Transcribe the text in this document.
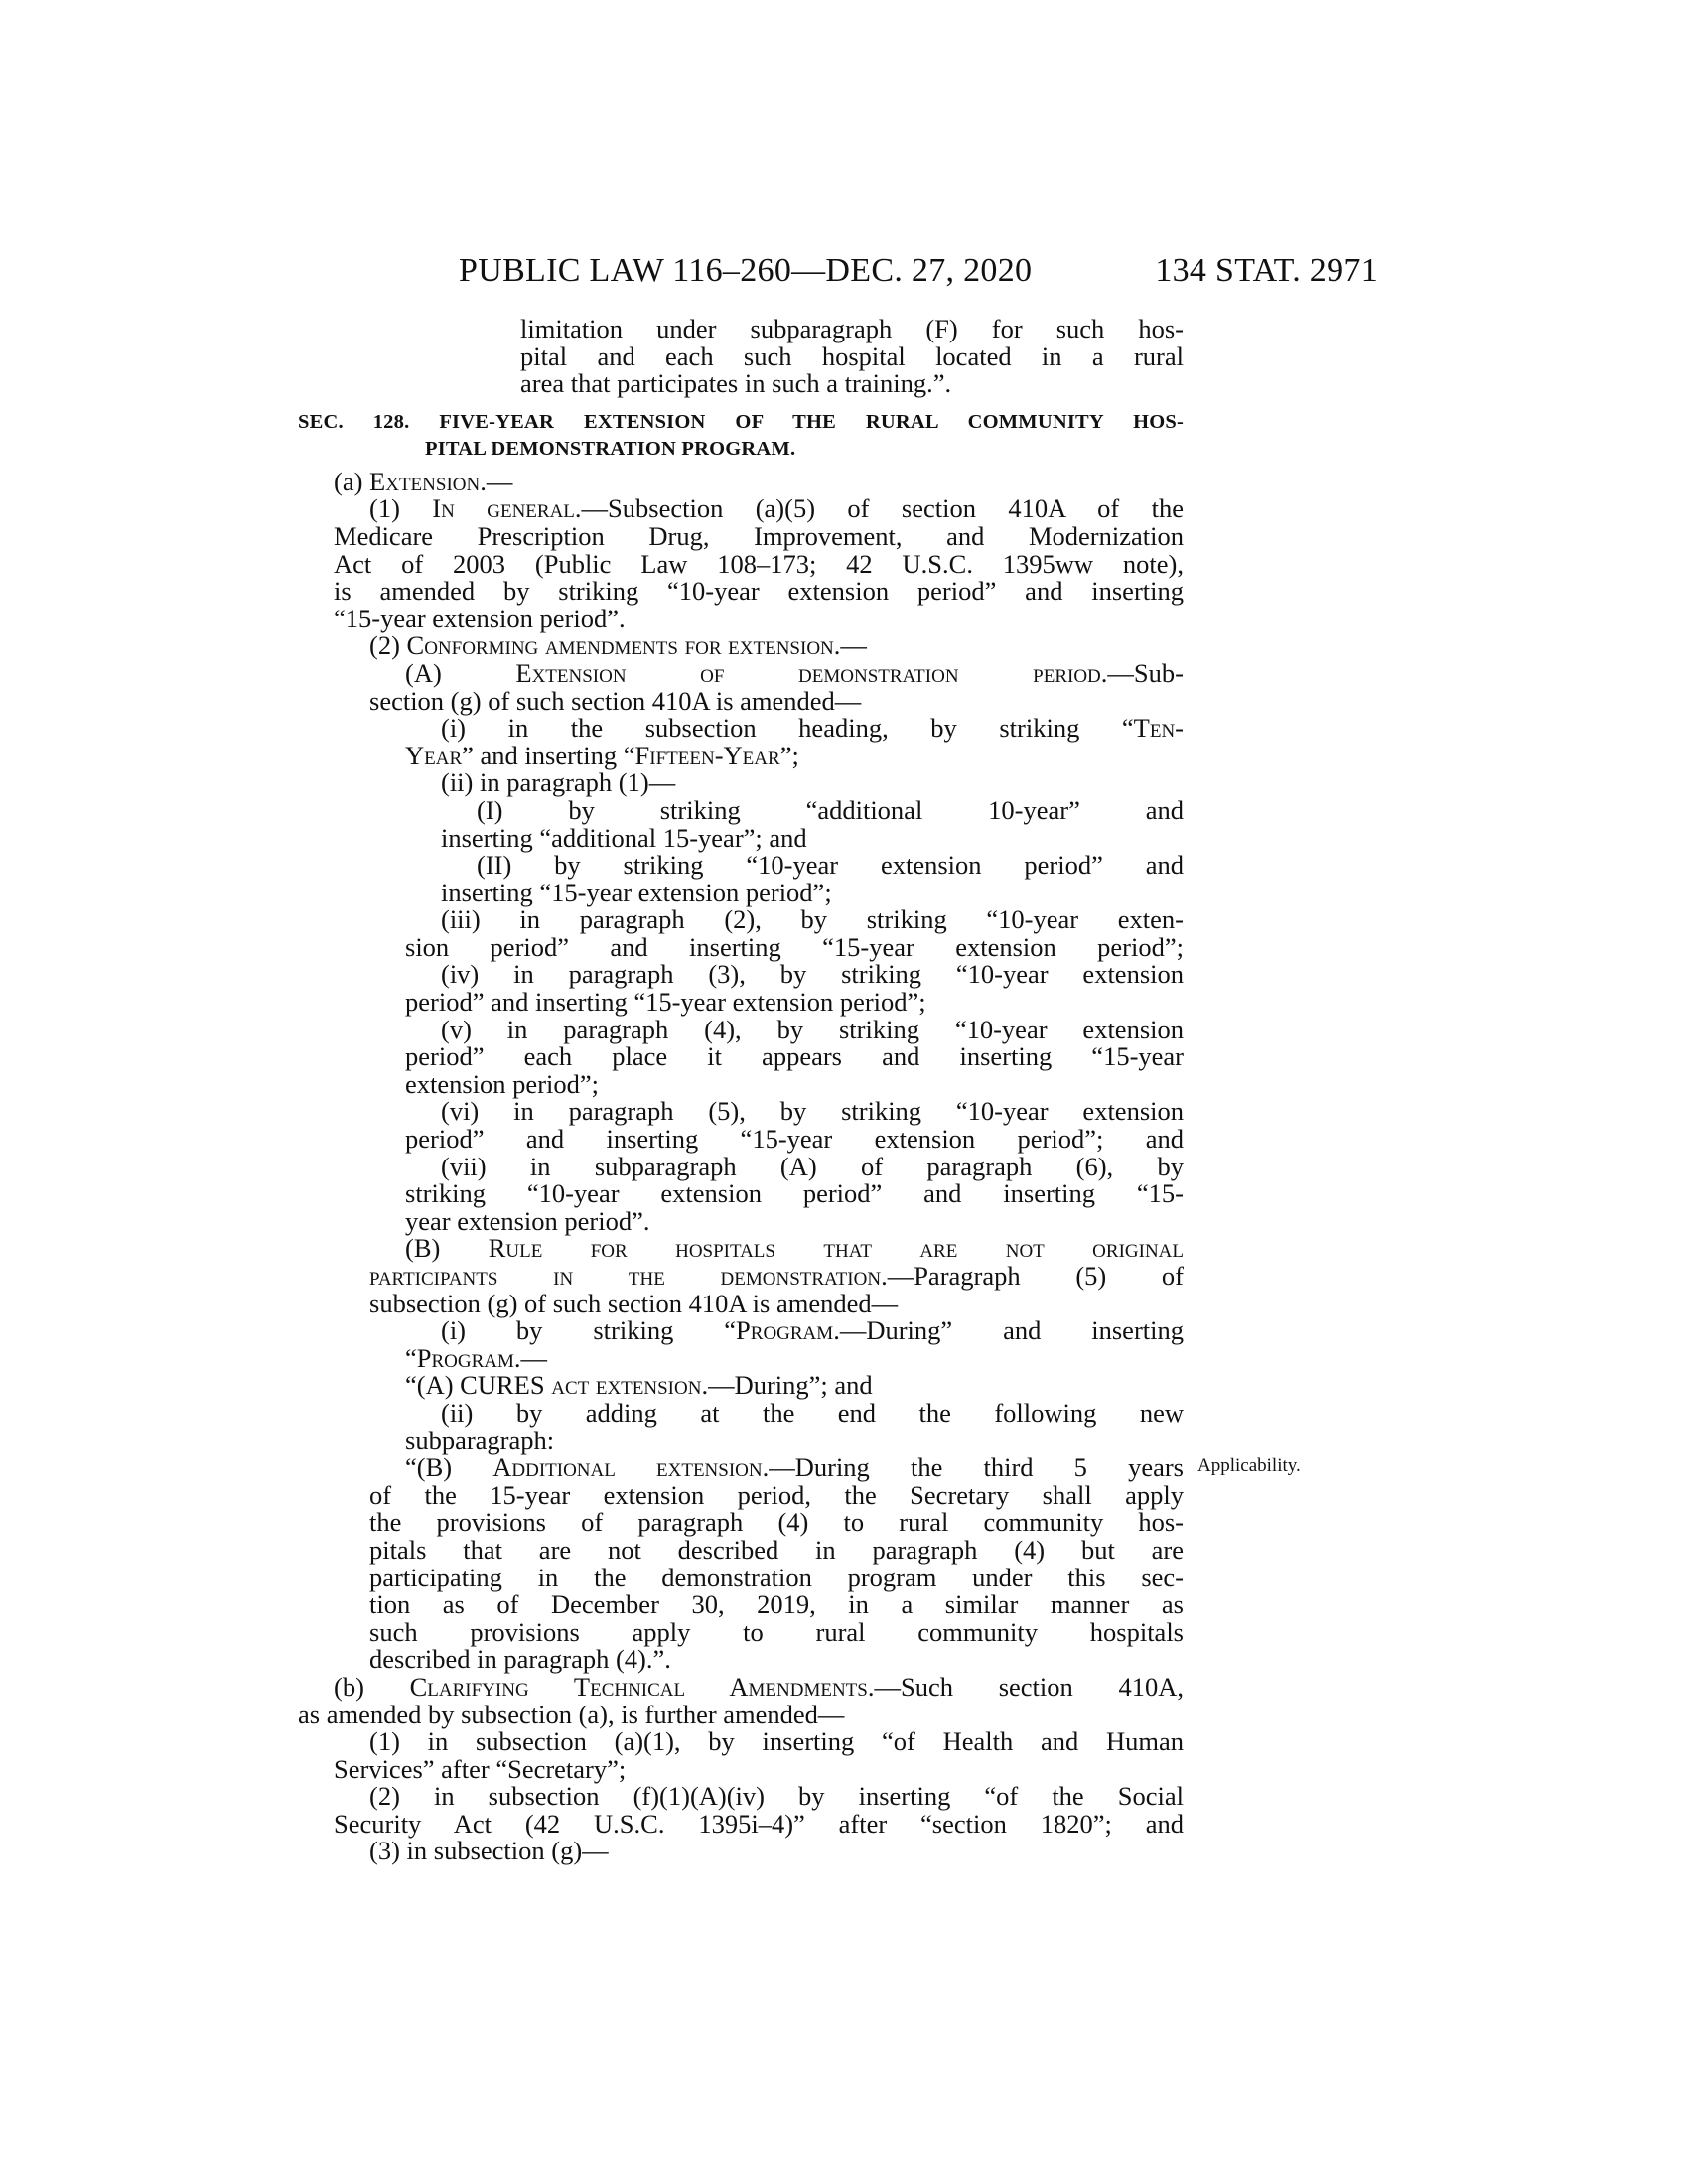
PUBLIC LAW 116–260—DEC. 27, 2020	134 STAT. 2971
Applicability.
limitation under subparagraph (F) for such hos-
pital and each such hospital located in a rural
area that participates in such a training.”.
SEC. 128. FIVE-YEAR EXTENSION OF THE RURAL COMMUNITY HOS-
PITAL DEMONSTRATION PROGRAM.
(a) Extension.—
(1) In general.—Subsection (a)(5) of section 410A of the
Medicare Prescription Drug, Improvement, and Modernization
Act of 2003 (Public Law 108–173; 42 U.S.C. 1395ww note),
is amended by striking “10-year extension period” and inserting
“15-year extension period”.
(2) Conforming amendments for extension.—
(A) Extension of demonstration period.—Sub-
section (g) of such section 410A is amended—
(i) in the subsection heading, by striking “Ten-
Year” and inserting “Fifteen-Year”;
(ii) in paragraph (1)—
(I) by striking “additional 10-year” and
inserting “additional 15-year”; and
(II) by striking “10-year extension period” and
inserting “15-year extension period”;
(iii) in paragraph (2), by striking “10-year exten-
sion period” and inserting “15-year extension period”;
(iv) in paragraph (3), by striking “10-year extension
period” and inserting “15-year extension period”;
(v) in paragraph (4), by striking “10-year extension
period” each place it appears and inserting “15-year
extension period”;
(vi) in paragraph (5), by striking “10-year extension
period” and inserting “15-year extension period”; and
(vii) in subparagraph (A) of paragraph (6), by
striking “10-year extension period” and inserting “15-
year extension period”.
(B) Rule for hospitals that are not original
participants in the demonstration.—Paragraph (5) of
subsection (g) of such section 410A is amended—
(i) by striking “Program.—During” and inserting
“Program.—
“(A) CURES act extension.—During”; and
(ii) by adding at the end the following new
subparagraph:
“(B) Additional extension.—During the third 5 years
of the 15-year extension period, the Secretary shall apply
the provisions of paragraph (4) to rural community hos-
pitals that are not described in paragraph (4) but are
participating in the demonstration program under this sec-
tion as of December 30, 2019, in a similar manner as
such provisions apply to rural community hospitals
described in paragraph (4).”.
(b) Clarifying Technical Amendments.—Such section 410A,
as amended by subsection (a), is further amended—
(1) in subsection (a)(1), by inserting “of Health and Human
Services” after “Secretary”;
(2) in subsection (f)(1)(A)(iv) by inserting “of the Social
Security Act (42 U.S.C. 1395i–4)” after “section 1820”; and
(3) in subsection (g)—
